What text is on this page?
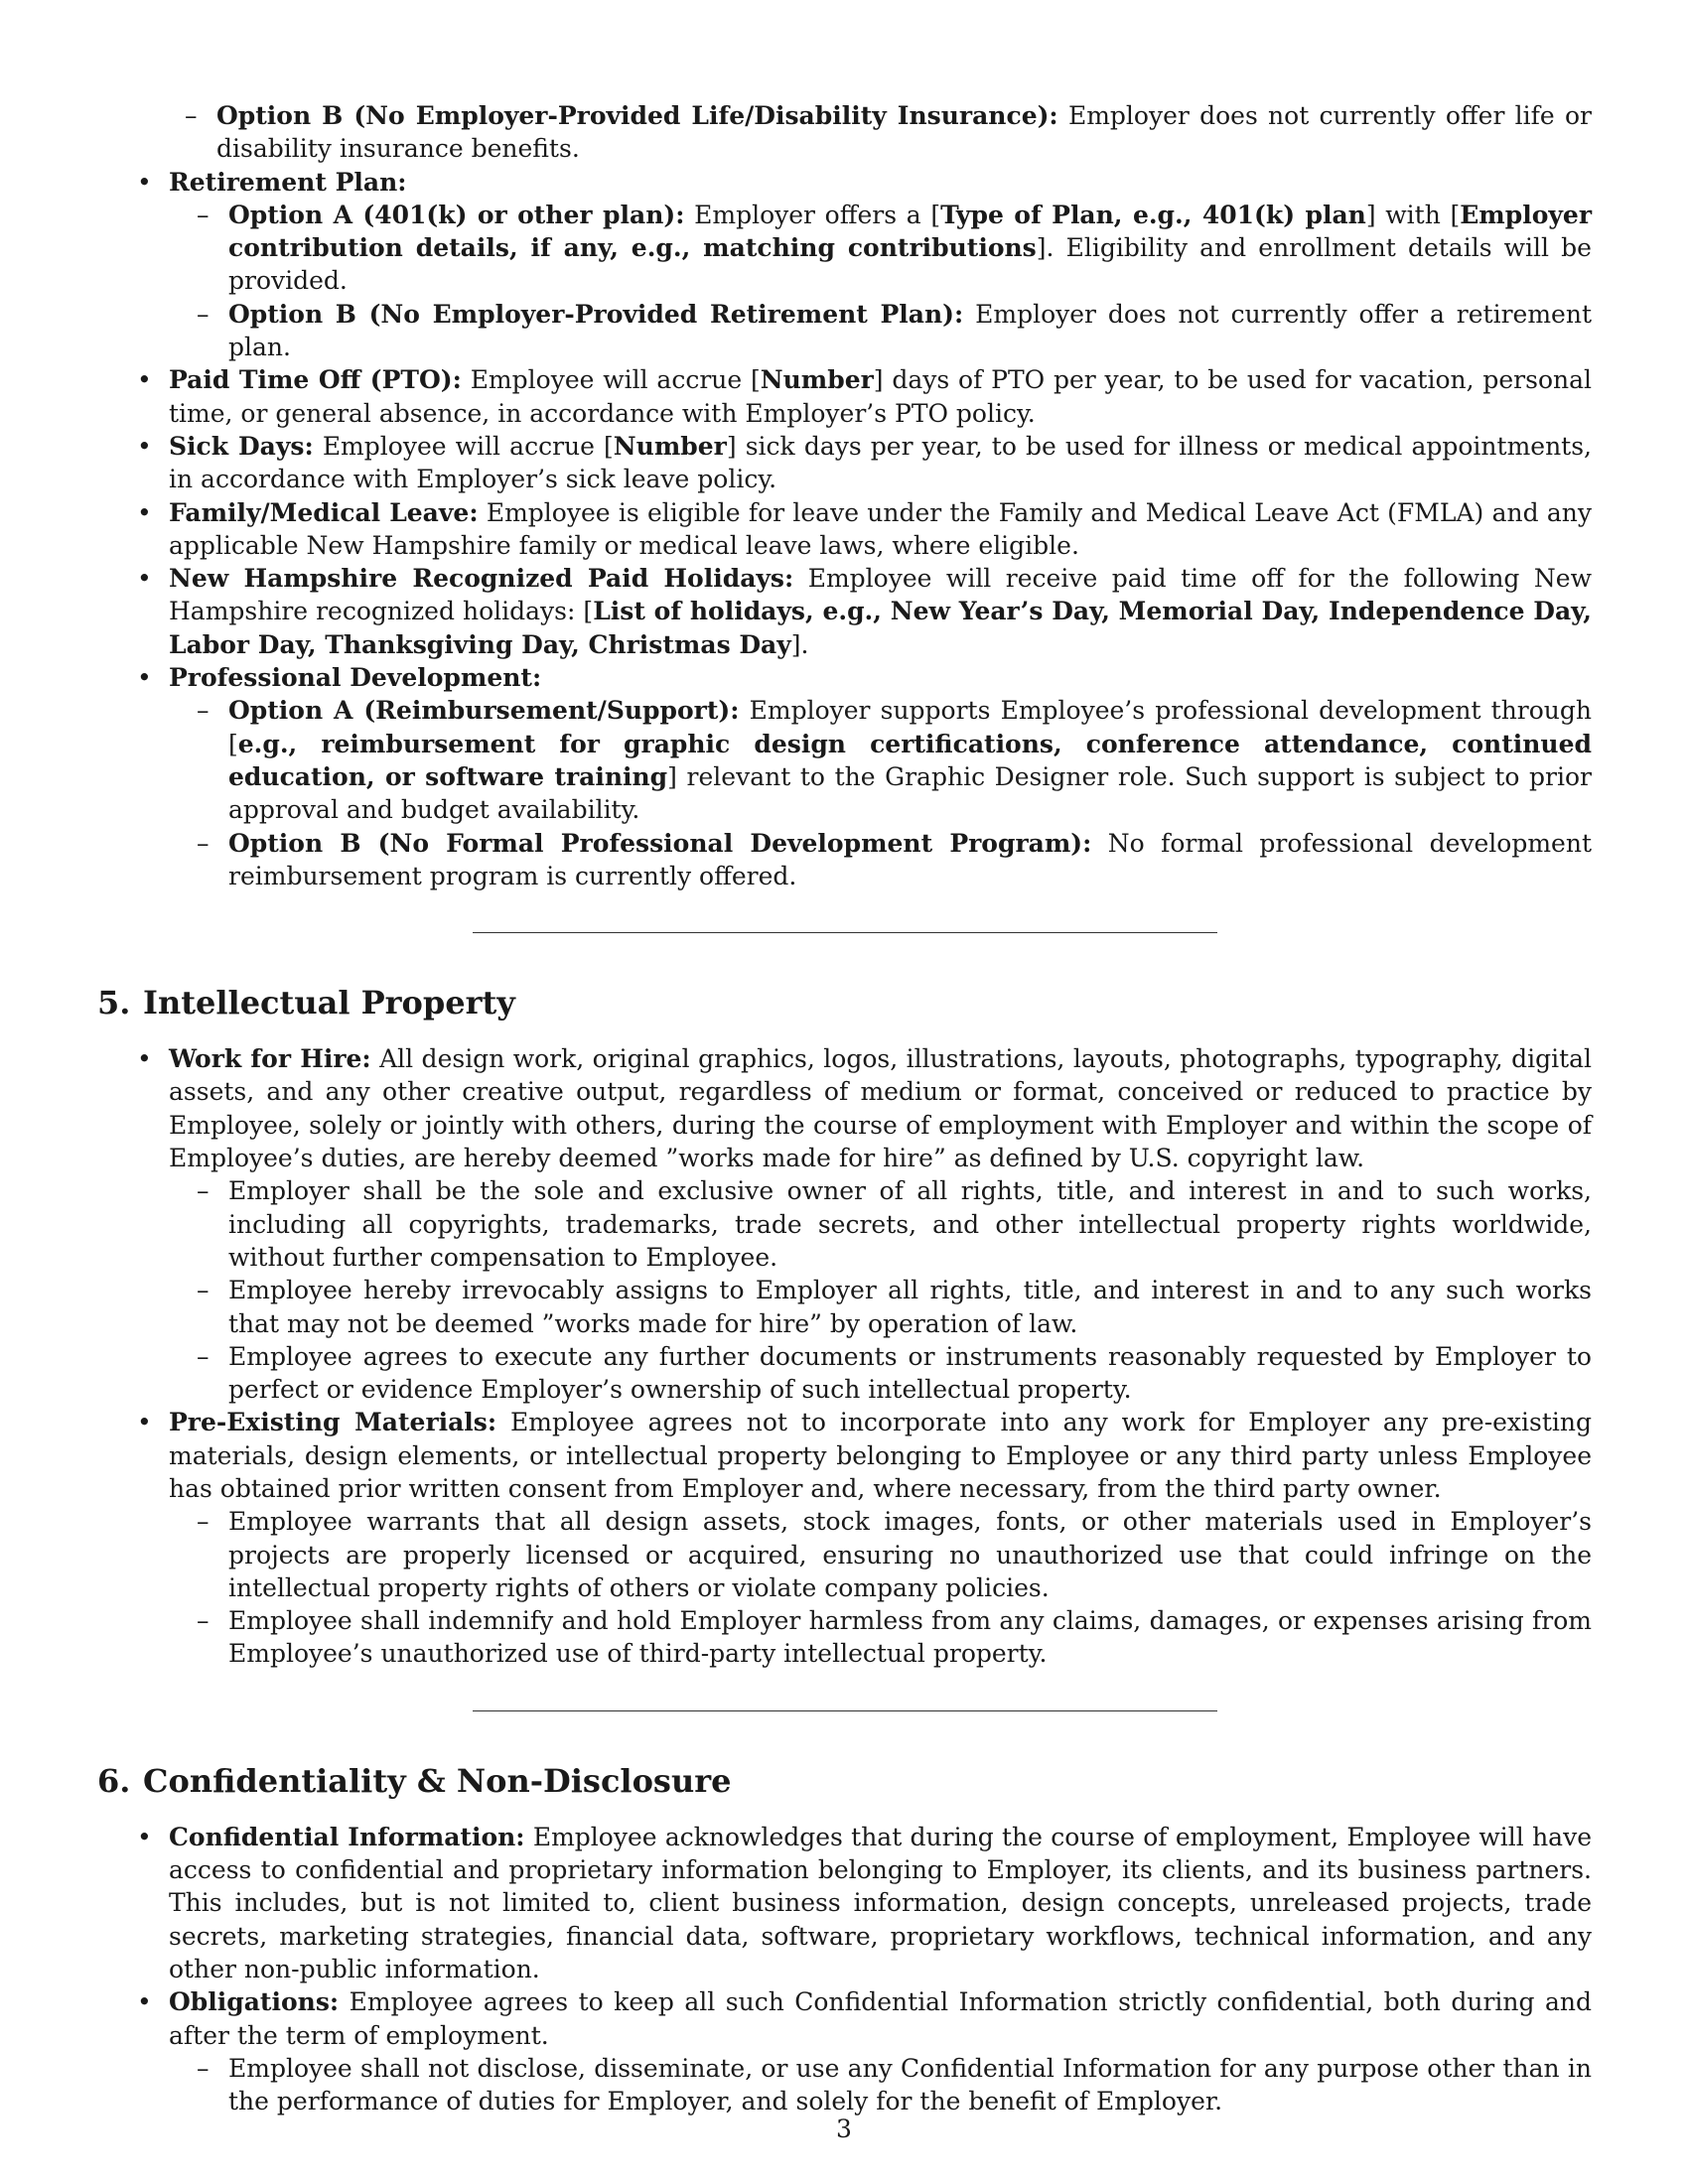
– Option B (No Employer-Provided Life/Disability Insurance): Employer does not currently offer life or disability insurance benefits.
• Retirement Plan:
– Option A (401(k) or other plan): Employer offers a [Type of Plan, e.g., 401(k) plan] with [Employer contribution details, if any, e.g., matching contributions]. Eligibility and enrollment details will be provided.
– Option B (No Employer-Provided Retirement Plan): Employer does not currently offer a retirement plan.
• Paid Time Off (PTO): Employee will accrue [Number] days of PTO per year, to be used for vacation, personal time, or general absence, in accordance with Employer’s PTO policy.
• Sick Days: Employee will accrue [Number] sick days per year, to be used for illness or medical appointments, in accordance with Employer’s sick leave policy.
• Family/Medical Leave: Employee is eligible for leave under the Family and Medical Leave Act (FMLA) and any applicable New Hampshire family or medical leave laws, where eligible.
• New Hampshire Recognized Paid Holidays: Employee will receive paid time off for the following New Hampshire recognized holidays: [List of holidays, e.g., New Year’s Day, Memorial Day, Independence Day, Labor Day, Thanksgiving Day, Christmas Day].
• Professional Development:
– Option A (Reimbursement/Support): Employer supports Employee’s professional development through [e.g., reimbursement for graphic design certifications, conference attendance, continued education, or software training] relevant to the Graphic Designer role. Such support is subject to prior approval and budget availability.
– Option B (No Formal Professional Development Program): No formal professional development reimbursement program is currently offered.
5. Intellectual Property
• Work for Hire: All design work, original graphics, logos, illustrations, layouts, photographs, typography, digital assets, and any other creative output, regardless of medium or format, conceived or reduced to practice by Employee, solely or jointly with others, during the course of employment with Employer and within the scope of Employee’s duties, are hereby deemed ”works made for hire” as defined by U.S. copyright law.
– Employer shall be the sole and exclusive owner of all rights, title, and interest in and to such works, including all copyrights, trademarks, trade secrets, and other intellectual property rights worldwide, without further compensation to Employee.
– Employee hereby irrevocably assigns to Employer all rights, title, and interest in and to any such works that may not be deemed ”works made for hire” by operation of law.
– Employee agrees to execute any further documents or instruments reasonably requested by Employer to perfect or evidence Employer’s ownership of such intellectual property.
• Pre-Existing Materials: Employee agrees not to incorporate into any work for Employer any pre-existing materials, design elements, or intellectual property belonging to Employee or any third party unless Employee has obtained prior written consent from Employer and, where necessary, from the third party owner.
– Employee warrants that all design assets, stock images, fonts, or other materials used in Employer’s projects are properly licensed or acquired, ensuring no unauthorized use that could infringe on the intellectual property rights of others or violate company policies.
– Employee shall indemnify and hold Employer harmless from any claims, damages, or expenses arising from Employee’s unauthorized use of third-party intellectual property.
6. Confidentiality & Non-Disclosure
• Confidential Information: Employee acknowledges that during the course of employment, Employee will have access to confidential and proprietary information belonging to Employer, its clients, and its business partners. This includes, but is not limited to, client business information, design concepts, unreleased projects, trade secrets, marketing strategies, financial data, software, proprietary workflows, technical information, and any other non-public information.
• Obligations: Employee agrees to keep all such Confidential Information strictly confidential, both during and after the term of employment.
– Employee shall not disclose, disseminate, or use any Confidential Information for any purpose other than in the performance of duties for Employer, and solely for the benefit of Employer.
3
